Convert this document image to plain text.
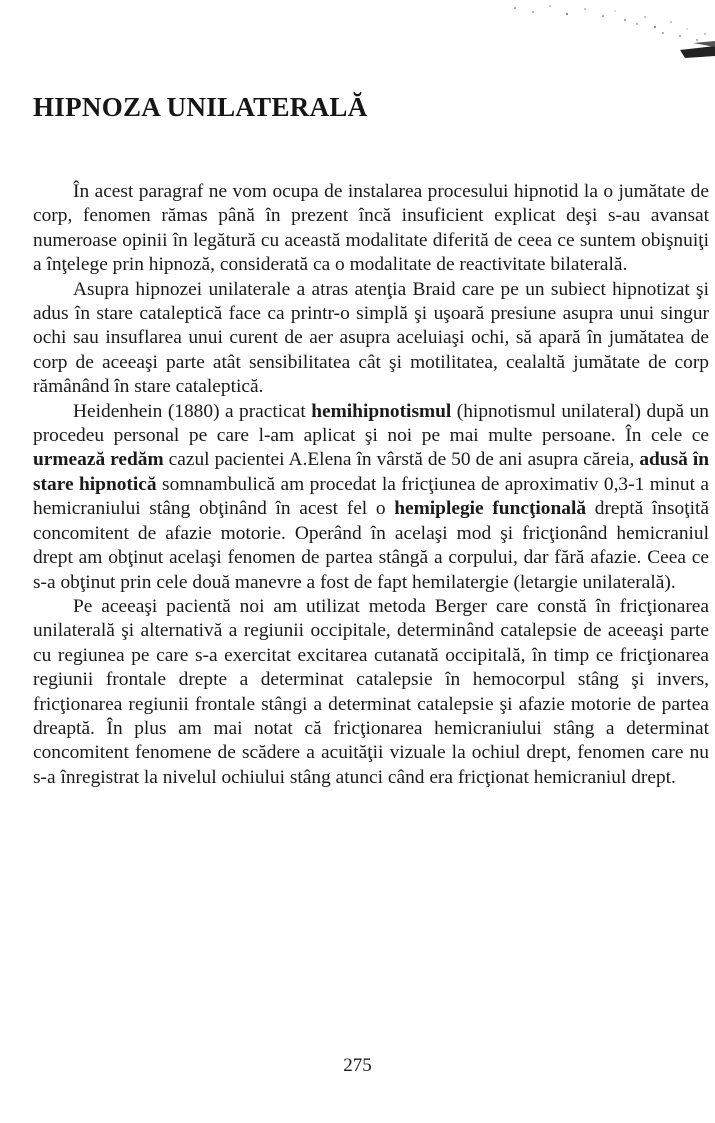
HIPNOZA UNILATERALĂ

În acest paragraf ne vom ocupa de instalarea procesului hipnotid la o jumătate de corp, fenomen rămas până în prezent încă insuficient explicat deşi s-au avansat numeroase opinii în legătură cu această modalitate diferită de ceea ce suntem obişnuiţi a înţelege prin hipnoză, considerată ca o modalitate de reactivitate bilaterală.

Asupra hipnozei unilaterale a atras atenţia Braid care pe un subiect hipnotizat şi adus în stare cataleptică face ca printr-o simplă şi uşoară presiune asupra unui singur ochi sau insuflarea unui curent de aer asupra aceluiaşi ochi, să apară în jumătatea de corp de aceeaşi parte atât sensibilitatea cât şi motilitatea, cealaltă jumătate de corp rămânând în stare cataleptică.

Heidenhein (1880) a practicat hemihipnotismul (hipnotismul unilateral) după un procedeu personal pe care l-am aplicat şi noi pe mai multe persoane. În cele ce urmează redăm cazul pacientei A.Elena în vârstă de 50 de ani asupra căreia, adusă în stare hipnotică somnambulică am procedat la fricţiunea de aproximativ 0,3-1 minut a hemicraniului stâng obţinând în acest fel o hemiplegie funcţională dreptă însoţită concomitent de afazie motorie. Operând în acelaşi mod şi fricţionând hemicraniul drept am obţinut acelaşi fenomen de partea stângă a corpului, dar fără afazie. Ceea ce s-a obţinut prin cele două manevre a fost de fapt hemilatergie (letargie unilaterală).

Pe aceeaşi pacientă noi am utilizat metoda Berger care constă în fricţionarea unilaterală şi alternativă a regiunii occipitale, determinând catalepsie de aceeaşi parte cu regiunea pe care s-a exercitat excitarea cutanată occipitală, în timp ce fricţionarea regiunii frontale drepte a determinat catalepsie în hemocorpul stâng şi invers, fricţionarea regiunii frontale stângi a determinat catalepsie şi afazie motorie de partea dreaptă. În plus am mai notat că fricţionarea hemicraniului stâng a determinat concomitent fenomene de scădere a acuităţii vizuale la ochiul drept, fenomen care nu s-a înregistrat la nivelul ochiului stâng atunci când era fricţionat hemicraniul drept.

275
